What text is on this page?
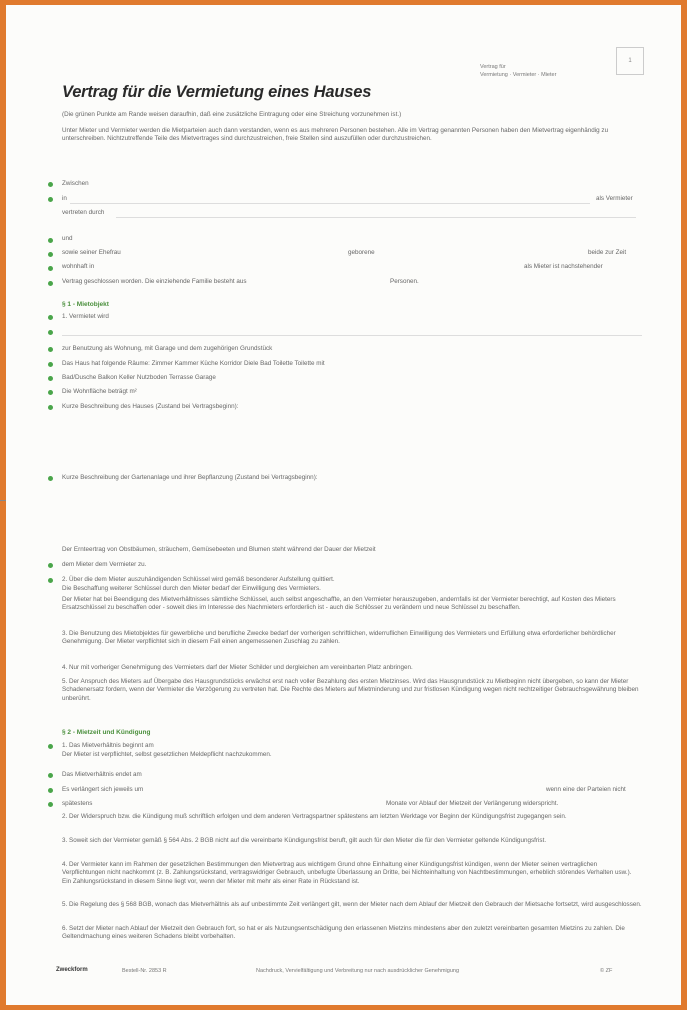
1
Vertrag für
Vermietung · Vermieter · Mieter
Vertrag für die Vermietung eines Hauses
(Die grünen Punkte am Rande weisen daraufhin, daß eine zusätzliche Eintragung oder eine Streichung vorzunehmen ist.)
Unter Mieter und Vermieter werden die Mietparteien auch dann verstanden, wenn es aus mehreren Personen bestehen. Alle im Vertrag genannten Personen haben den Mietvertrag eigenhändig zu unterschreiben. Nichtzutreffende Teile des Mietvertrages sind durchzustreichen, freie Stellen sind auszufüllen oder durchzustreichen.
Zwischen
in	als Vermieter
vertreten durch
und
sowie seiner Ehefrau	geborene	beide zur Zeit
wohnhaft in	als Mieter ist nachstehender
Vertrag geschlossen worden. Die einziehende Familie besteht aus	Personen.
§ 1 - Mietobjekt
1. Vermietet wird
zur Benutzung als Wohnung, mit Garage und dem zugehörigen Grundstück
Das Haus hat folgende Räume: Zimmer Kammer Küche Korridor Diele Bad Toilette Toilette mit
Bad/Dusche Balkon Keller Nutzboden Terrasse Garage
Die Wohnfläche beträgt m²
Kurze Beschreibung des Hauses (Zustand bei Vertragsbeginn):
Kurze Beschreibung der Gartenanlage und ihrer Bepflanzung (Zustand bei Vertragsbeginn):
Der Ernteertrag von Obstbäumen, sträuchern, Gemüsebeeten und Blumen steht während der Dauer der Mietzeit
dem Mieter dem Vermieter zu.
2. Über die dem Mieter auszuhändigenden Schlüssel wird gemäß besonderer Aufstellung quittiert.
Die Beschaffung weiterer Schlüssel durch den Mieter bedarf der Einwilligung des Vermieters.
Der Mieter hat bei Beendigung des Mietverhältnisses sämtliche Schlüssel, auch selbst angeschaffte, an den Vermieter herauszugeben, andernfalls ist der Vermieter berechtigt, auf Kosten des Mieters Ersatzschlüssel zu beschaffen oder - soweit dies im Interesse des Nachmieters erforderlich ist - auch die Schlösser zu verändern und neue Schlüssel zu beschaffen.
3. Die Benutzung des Mietobjektes für gewerbliche und berufliche Zwecke bedarf der vorherigen schriftlichen, widerruflichen Einwilligung des Vermieters und Erfüllung etwa erforderlicher behördlicher Genehmigung. Der Mieter verpflichtet sich in diesem Fall einen angemessenen Zuschlag zu zahlen.
4. Nur mit vorheriger Genehmigung des Vermieters darf der Mieter Schilder und dergleichen am vereinbarten Platz anbringen.
5. Der Anspruch des Mieters auf Übergabe des Hausgrundstücks erwächst erst nach voller Bezahlung des ersten Mietzinses. Wird das Hausgrundstück zu Mietbeginn nicht übergeben, so kann der Mieter Schadenersatz fordern, wenn der Vermieter die Verzögerung zu vertreten hat. Die Rechte des Mieters auf Mietminderung und zur fristlosen Kündigung wegen nicht rechtzeitiger Gebrauchsgewährung bleiben unberührt.
§ 2 - Mietzeit und Kündigung
1. Das Mietverhältnis beginnt am
Der Mieter ist verpflichtet, selbst gesetzlichen Meldepflicht nachzukommen.
Das Mietverhältnis endet am
Es verlängert sich jeweils um	wenn eine der Parteien nicht
spätestens	Monate vor Ablauf der Mietzeit der Verlängerung widerspricht.
2. Der Widerspruch bzw. die Kündigung muß schriftlich erfolgen und dem anderen Vertragspartner spätestens am letzten Werktage vor Beginn der Kündigungsfrist zugegangen sein.
3. Soweit sich der Vermieter gemäß § 564 Abs. 2 BGB nicht auf die vereinbarte Kündigungsfrist beruft, gilt auch für den Mieter die für den Vermieter geltende Kündigungsfrist.
4. Der Vermieter kann im Rahmen der gesetzlichen Bestimmungen den Mietvertrag aus wichtigem Grund ohne Einhaltung einer Kündigungsfrist kündigen, wenn der Mieter seinen vertraglichen Verpflichtungen nicht nachkommt (z. B. Zahlungsrückstand, vertragswidriger Gebrauch, unbefugte Überlassung an Dritte, bei Nichteinhaltung von Nachtbestimmungen, erheblich störendes Verhalten usw.). Ein Zahlungsrückstand in diesem Sinne liegt vor, wenn der Mieter mit mehr als einer Rate in Rückstand ist.
5. Die Regelung des § 568 BGB, wonach das Mietverhältnis als auf unbestimmte Zeit verlängert gilt, wenn der Mieter nach dem Ablauf der Mietzeit den Gebrauch der Mietsache fortsetzt, wird ausgeschlossen.
6. Setzt der Mieter nach Ablauf der Mietzeit den Gebrauch fort, so hat er als Nutzungsentschädigung den erlassenen Mietzins mindestens aber den zuletzt vereinbarten gesamten Mietzins zu zahlen. Die Geltendmachung eines weiteren Schadens bleibt vorbehalten.
Zweckform	Bestell-Nr. 2853 R	Nachdruck, Vervielfältigung und Verbreitung nur nach ausdrücklicher Genehmigung	© ZF
